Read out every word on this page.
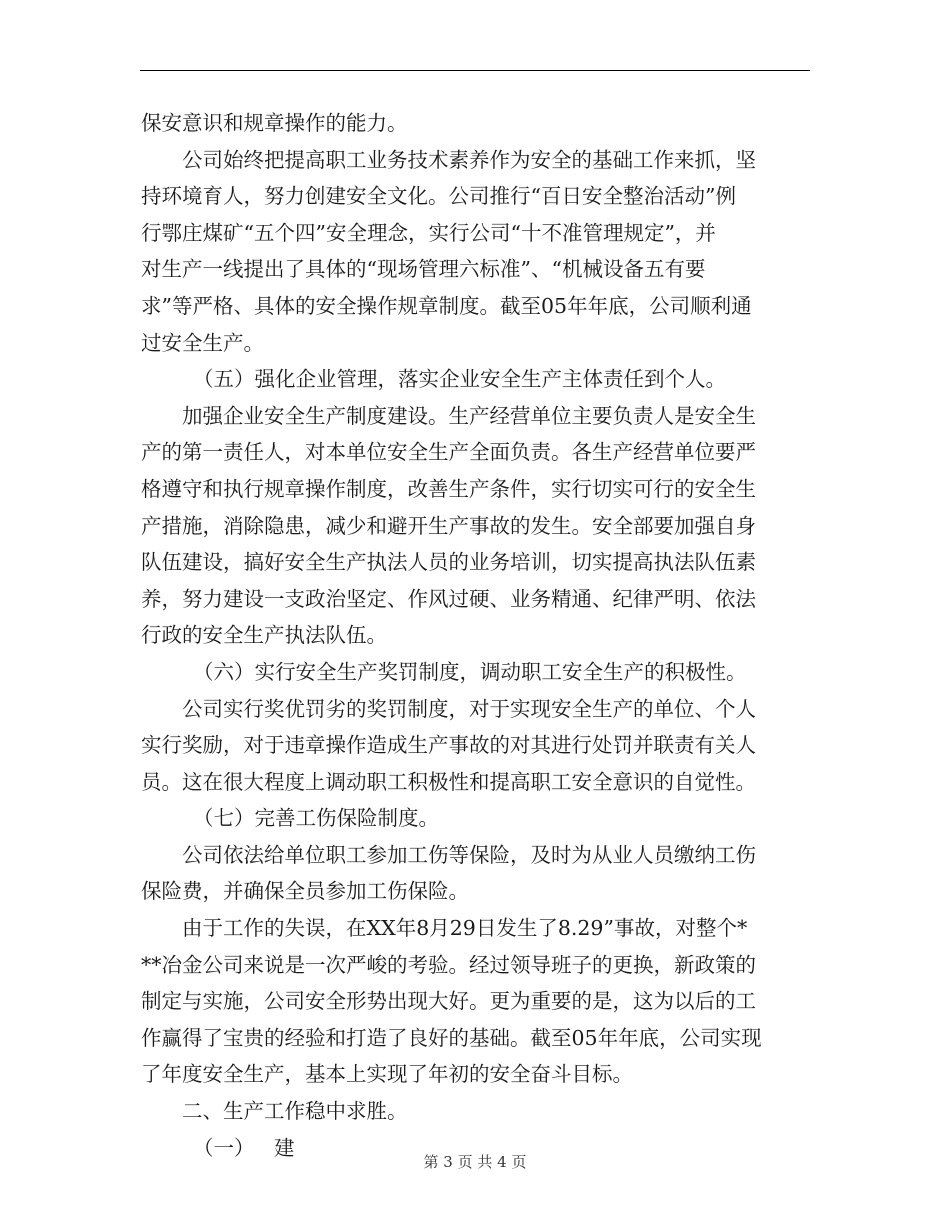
保安意识和规章操作的能力。
公司始终把提高职工业务技术素养作为安全的基础工作来抓，坚
持环境育人，努力创建安全文化。公司推行“百日安全整治活动”例
行鄂庄煤矿“五个四”安全理念，实行公司“十不准管理规定”，并
对生产一线提出了具体的“现场管理六标准”、“机械设备五有要
求”等严格、具体的安全操作规章制度。截至05年年底，公司顺利通
过安全生产。
（五）强化企业管理，落实企业安全生产主体责任到个人。
加强企业安全生产制度建设。生产经营单位主要负责人是安全生
产的第一责任人，对本单位安全生产全面负责。各生产经营单位要严
格遵守和执行规章操作制度，改善生产条件，实行切实可行的安全生
产措施，消除隐患，减少和避开生产事故的发生。安全部要加强自身
队伍建设，搞好安全生产执法人员的业务培训，切实提高执法队伍素
养，努力建设一支政治坚定、作风过硬、业务精通、纪律严明、依法
行政的安全生产执法队伍。
（六）实行安全生产奖罚制度，调动职工安全生产的积极性。
公司实行奖优罚劣的奖罚制度，对于实现安全生产的单位、个人
实行奖励，对于违章操作造成生产事故的对其进行处罚并联责有关人
员。这在很大程度上调动职工积极性和提高职工安全意识的自觉性。
（七）完善工伤保险制度。
公司依法给单位职工参加工伤等保险，及时为从业人员缴纳工伤
保险费，并确保全员参加工伤保险。
由于工作的失误，在XX年8月29日发生了8.29”事故，对整个*
**冶金公司来说是一次严峻的考验。经过领导班子的更换，新政策的
制定与实施，公司安全形势出现大好。更为重要的是，这为以后的工
作赢得了宝贵的经验和打造了良好的基础。截至05年年底，公司实现
了年度安全生产，基本上实现了年初的安全奋斗目标。
二、生产工作稳中求胜。
（一）   建
第 3 页 共 4 页
